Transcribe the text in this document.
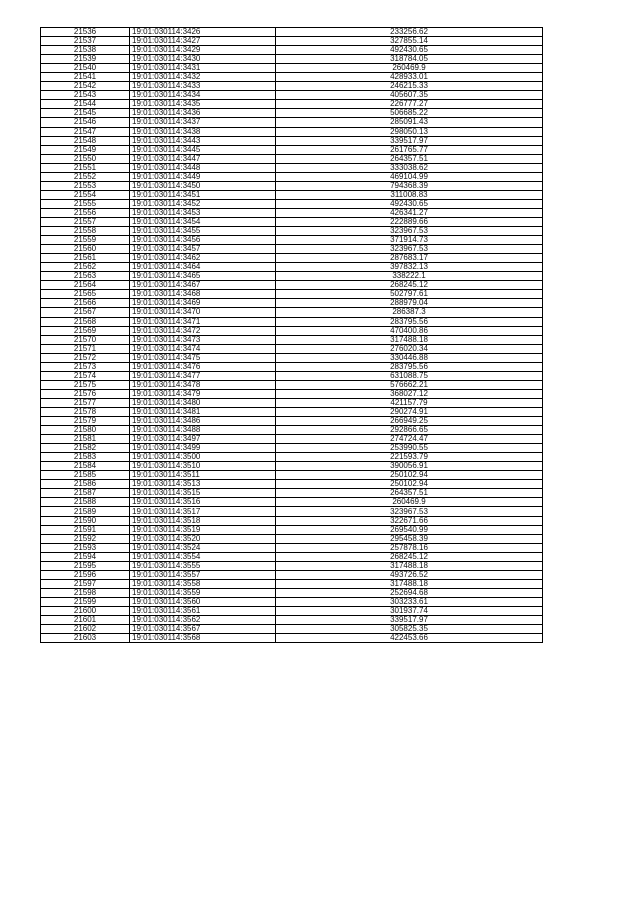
21536	19:01:030114:3426	233256.62
21537	19:01:030114:3427	327855.14
21538	19:01:030114:3429	492430.65
21539	19:01:030114:3430	318784.05
21540	19:01:030114:3431	260469.9
21541	19:01:030114:3432	428933.01
21542	19:01:030114:3433	246215.33
21543	19:01:030114:3434	405607.35
21544	19:01:030114:3435	226777.27
21545	19:01:030114:3436	506685.22
21546	19:01:030114:3437	285091.43
21547	19:01:030114:3438	298050.13
21548	19:01:030114:3443	339517.97
21549	19:01:030114:3445	261765.77
21550	19:01:030114:3447	264357.51
21551	19:01:030114:3448	333038.62
21552	19:01:030114:3449	469104.99
21553	19:01:030114:3450	794368.39
21554	19:01:030114:3451	311008.83
21555	19:01:030114:3452	492430.65
21556	19:01:030114:3453	426341.27
21557	19:01:030114:3454	222889.66
21558	19:01:030114:3455	323967.53
21559	19:01:030114:3456	371914.73
21560	19:01:030114:3457	323967.53
21561	19:01:030114:3462	287683.17
21562	19:01:030114:3464	397832.13
21563	19:01:030114:3465	338222.1
21564	19:01:030114:3467	268245.12
21565	19:01:030114:3468	502797.61
21566	19:01:030114:3469	288979.04
21567	19:01:030114:3470	286387.3
21568	19:01:030114:3471	283795.56
21569	19:01:030114:3472	470400.86
21570	19:01:030114:3473	317488.18
21571	19:01:030114:3474	276020.34
21572	19:01:030114:3475	330446.88
21573	19:01:030114:3476	283795.56
21574	19:01:030114:3477	631088.75
21575	19:01:030114:3478	576662.21
21576	19:01:030114:3479	368027.12
21577	19:01:030114:3480	421157.79
21578	19:01:030114:3481	290274.91
21579	19:01:030114:3486	266949.25
21580	19:01:030114:3488	292866.65
21581	19:01:030114:3497	274724.47
21582	19:01:030114:3499	253990.55
21583	19:01:030114:3500	221593.79
21584	19:01:030114:3510	390056.91
21585	19:01:030114:3511	250102.94
21586	19:01:030114:3513	250102.94
21587	19:01:030114:3515	264357.51
21588	19:01:030114:3516	260469.9
21589	19:01:030114:3517	323967.53
21590	19:01:030114:3518	322671.66
21591	19:01:030114:3519	269540.99
21592	19:01:030114:3520	295458.39
21593	19:01:030114:3524	257878.16
21594	19:01:030114:3554	268245.12
21595	19:01:030114:3555	317488.18
21596	19:01:030114:3557	493726.52
21597	19:01:030114:3558	317488.18
21598	19:01:030114:3559	252694.68
21599	19:01:030114:3560	303233.61
21600	19:01:030114:3561	301937.74
21601	19:01:030114:3562	339517.97
21602	19:01:030114:3567	305825.35
21603	19:01:030114:3568	422453.66
